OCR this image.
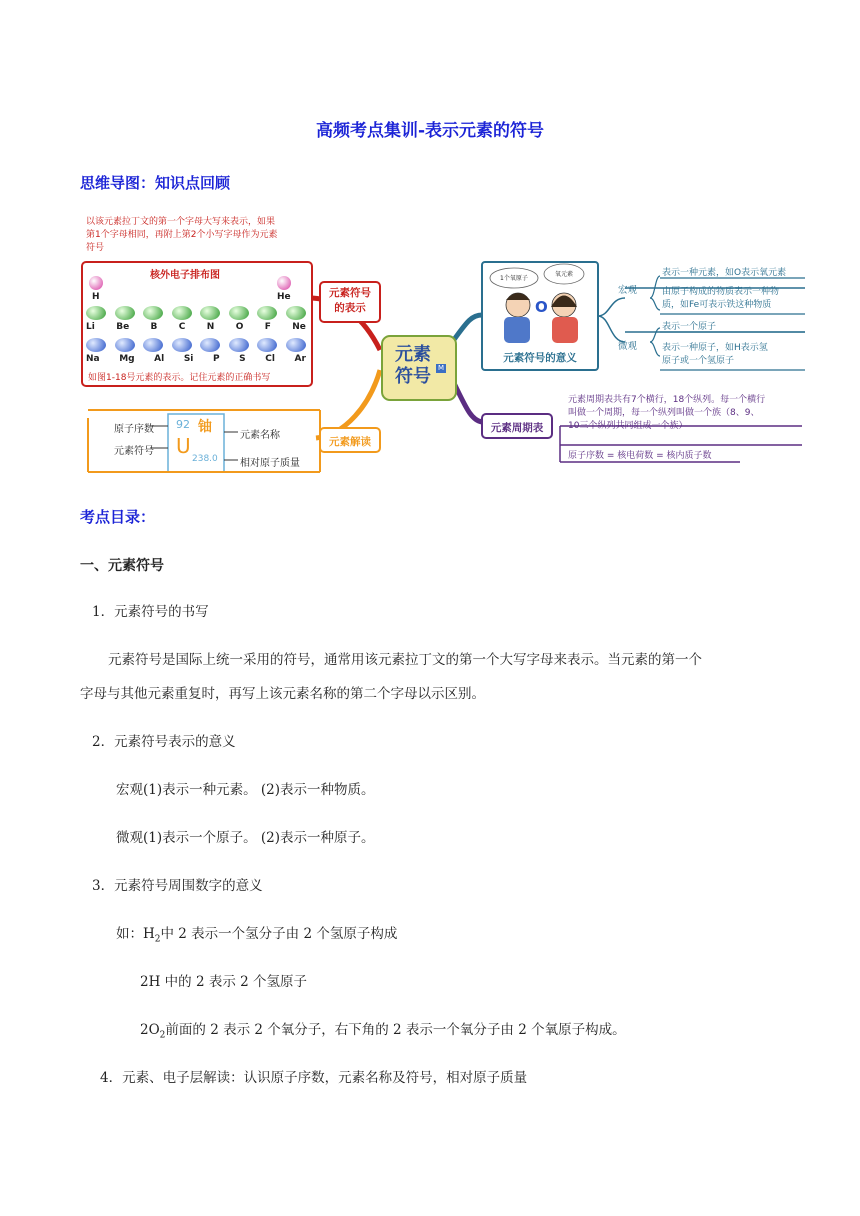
高频考点集训-表示元素的符号
思维导图：知识点回顾
以该元素拉丁文的第一个字母大写来表示，如果
第1个字母相同，再附上第2个小写字母作为元素
符号
核外电子排布图
H	He
Li Be B C N O F Ne
Na Mg Al Si P S Cl Ar
如图1-18号元素的表示。记住元素的正确书写
元素符号
的表示
元素
符号 M
元素解读
92 铀
U
238.0
原子序数
元素符号
元素名称
相对原子质量
1个氧原子
氧元素
O
元素符号的意义
宏观
微观
表示一种元素，如O表示氧元素
由原子构成的物质表示一种物
质，如Fe可表示铁这种物质
表示一个原子
表示一种原子，如H表示氢
原子或一个氢原子
元素周期表
元素周期表共有7个横行，18个纵列。每一个横行
叫做一个周期，每一个纵列叫做一个族（8、9、
10三个纵列共同组成一个族）
原子序数 = 核电荷数 = 核内质子数
考点目录：
一、元素符号
1．元素符号的书写
元素符号是国际上统一采用的符号，通常用该元素拉丁文的第一个大写字母来表示。当元素的第一个
字母与其他元素重复时，再写上该元素名称的第二个字母以示区别。
2．元素符号表示的意义
宏观(1)表示一种元素。 (2)表示一种物质。
微观(1)表示一个原子。 (2)表示一种原子。
3．元素符号周围数字的意义
如：$H_2$中 2 表示一个氢分子由 2 个氢原子构成
2H 中的 2 表示 2 个氢原子
$2O_2$前面的 2 表示 2 个氧分子，右下角的 2 表示一个氧分子由 2 个氧原子构成。
4．元素、电子层解读：认识原子序数，元素名称及符号，相对原子质量
